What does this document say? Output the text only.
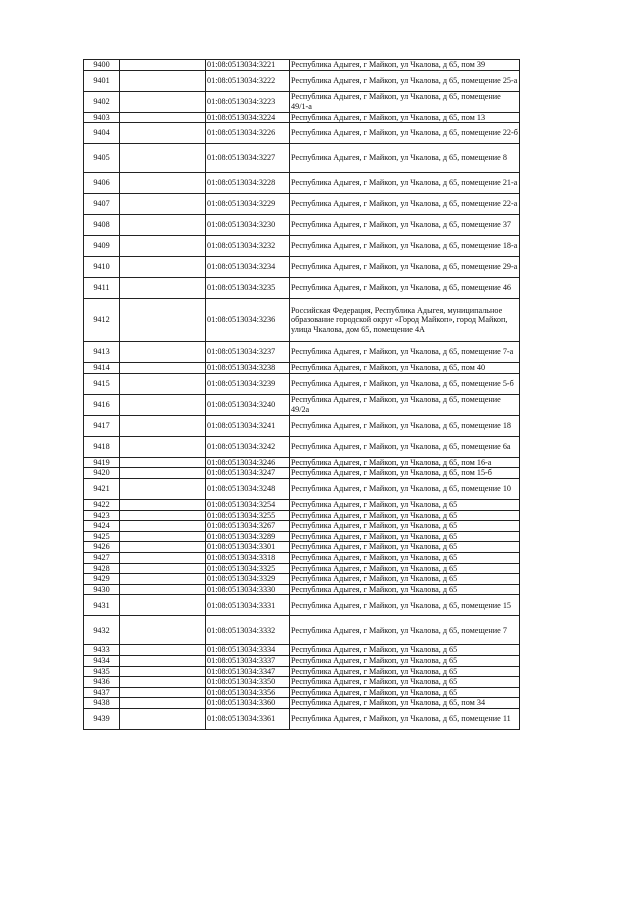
9400		01:08:0513034:3221	Республика Адыгея, г Майкоп, ул Чкалова, д 65, пом 39
9401		01:08:0513034:3222	Республика Адыгея, г Майкоп, ул Чкалова, д 65, помещение 25-а
9402		01:08:0513034:3223	Республика Адыгея, г Майкоп, ул Чкалова, д 65, помещение 49/1-а
9403		01:08:0513034:3224	Республика Адыгея, г Майкоп, ул Чкалова, д 65, пом 13
9404		01:08:0513034:3226	Республика Адыгея, г Майкоп, ул Чкалова, д 65, помещение 22-б
9405		01:08:0513034:3227	Республика Адыгея, г Майкоп, ул Чкалова, д 65, помещение 8
9406		01:08:0513034:3228	Республика Адыгея, г Майкоп, ул Чкалова, д 65, помещение 21-а
9407		01:08:0513034:3229	Республика Адыгея, г Майкоп, ул Чкалова, д 65, помещение 22-а
9408		01:08:0513034:3230	Республика Адыгея, г Майкоп, ул Чкалова, д 65, помещение 37
9409		01:08:0513034:3232	Республика Адыгея, г Майкоп, ул Чкалова, д 65, помещение 18-а
9410		01:08:0513034:3234	Республика Адыгея, г Майкоп, ул Чкалова, д 65, помещение 29-а
9411		01:08:0513034:3235	Республика Адыгея, г Майкоп, ул Чкалова, д 65, помещение 46
9412		01:08:0513034:3236	Российская Федерация, Республика Адыгея, муниципальное образование городской округ «Город Майкоп», город Майкоп, улица Чкалова, дом 65, помещение 4А
9413		01:08:0513034:3237	Республика Адыгея, г Майкоп, ул Чкалова, д 65, помещение 7-а
9414		01:08:0513034:3238	Республика Адыгея, г Майкоп, ул Чкалова, д 65, пом 40
9415		01:08:0513034:3239	Республика Адыгея, г Майкоп, ул Чкалова, д 65, помещение 5-б
9416		01:08:0513034:3240	Республика Адыгея, г Майкоп, ул Чкалова, д 65, помещение 49/2а
9417		01:08:0513034:3241	Республика Адыгея, г Майкоп, ул Чкалова, д 65, помещение 18
9418		01:08:0513034:3242	Республика Адыгея, г Майкоп, ул Чкалова, д 65, помещение 6а
9419		01:08:0513034:3246	Республика Адыгея, г Майкоп, ул Чкалова, д 65, пом 16-а
9420		01:08:0513034:3247	Республика Адыгея, г Майкоп, ул Чкалова, д 65, пом 15-б
9421		01:08:0513034:3248	Республика Адыгея, г Майкоп, ул Чкалова, д 65, помещение 10
9422		01:08:0513034:3254	Республика Адыгея, г Майкоп, ул Чкалова, д 65
9423		01:08:0513034:3255	Республика Адыгея, г Майкоп, ул Чкалова, д 65
9424		01:08:0513034:3267	Республика Адыгея, г Майкоп, ул Чкалова, д 65
9425		01:08:0513034:3289	Республика Адыгея, г Майкоп, ул Чкалова, д 65
9426		01:08:0513034:3301	Республика Адыгея, г Майкоп, ул Чкалова, д 65
9427		01:08:0513034:3318	Республика Адыгея, г Майкоп, ул Чкалова, д 65
9428		01:08:0513034:3325	Республика Адыгея, г Майкоп, ул Чкалова, д 65
9429		01:08:0513034:3329	Республика Адыгея, г Майкоп, ул Чкалова, д 65
9430		01:08:0513034:3330	Республика Адыгея, г Майкоп, ул Чкалова, д 65
9431		01:08:0513034:3331	Республика Адыгея, г Майкоп, ул Чкалова, д 65, помещение 15
9432		01:08:0513034:3332	Республика Адыгея, г Майкоп, ул Чкалова, д 65, помещение 7
9433		01:08:0513034:3334	Республика Адыгея, г Майкоп, ул Чкалова, д 65
9434		01:08:0513034:3337	Республика Адыгея, г Майкоп, ул Чкалова, д 65
9435		01:08:0513034:3347	Республика Адыгея, г Майкоп, ул Чкалова, д 65
9436		01:08:0513034:3350	Республика Адыгея, г Майкоп, ул Чкалова, д 65
9437		01:08:0513034:3356	Республика Адыгея, г Майкоп, ул Чкалова, д 65
9438		01:08:0513034:3360	Республика Адыгея, г Майкоп, ул Чкалова, д 65, пом 34
9439		01:08:0513034:3361	Республика Адыгея, г Майкоп, ул Чкалова, д 65, помещение 11
